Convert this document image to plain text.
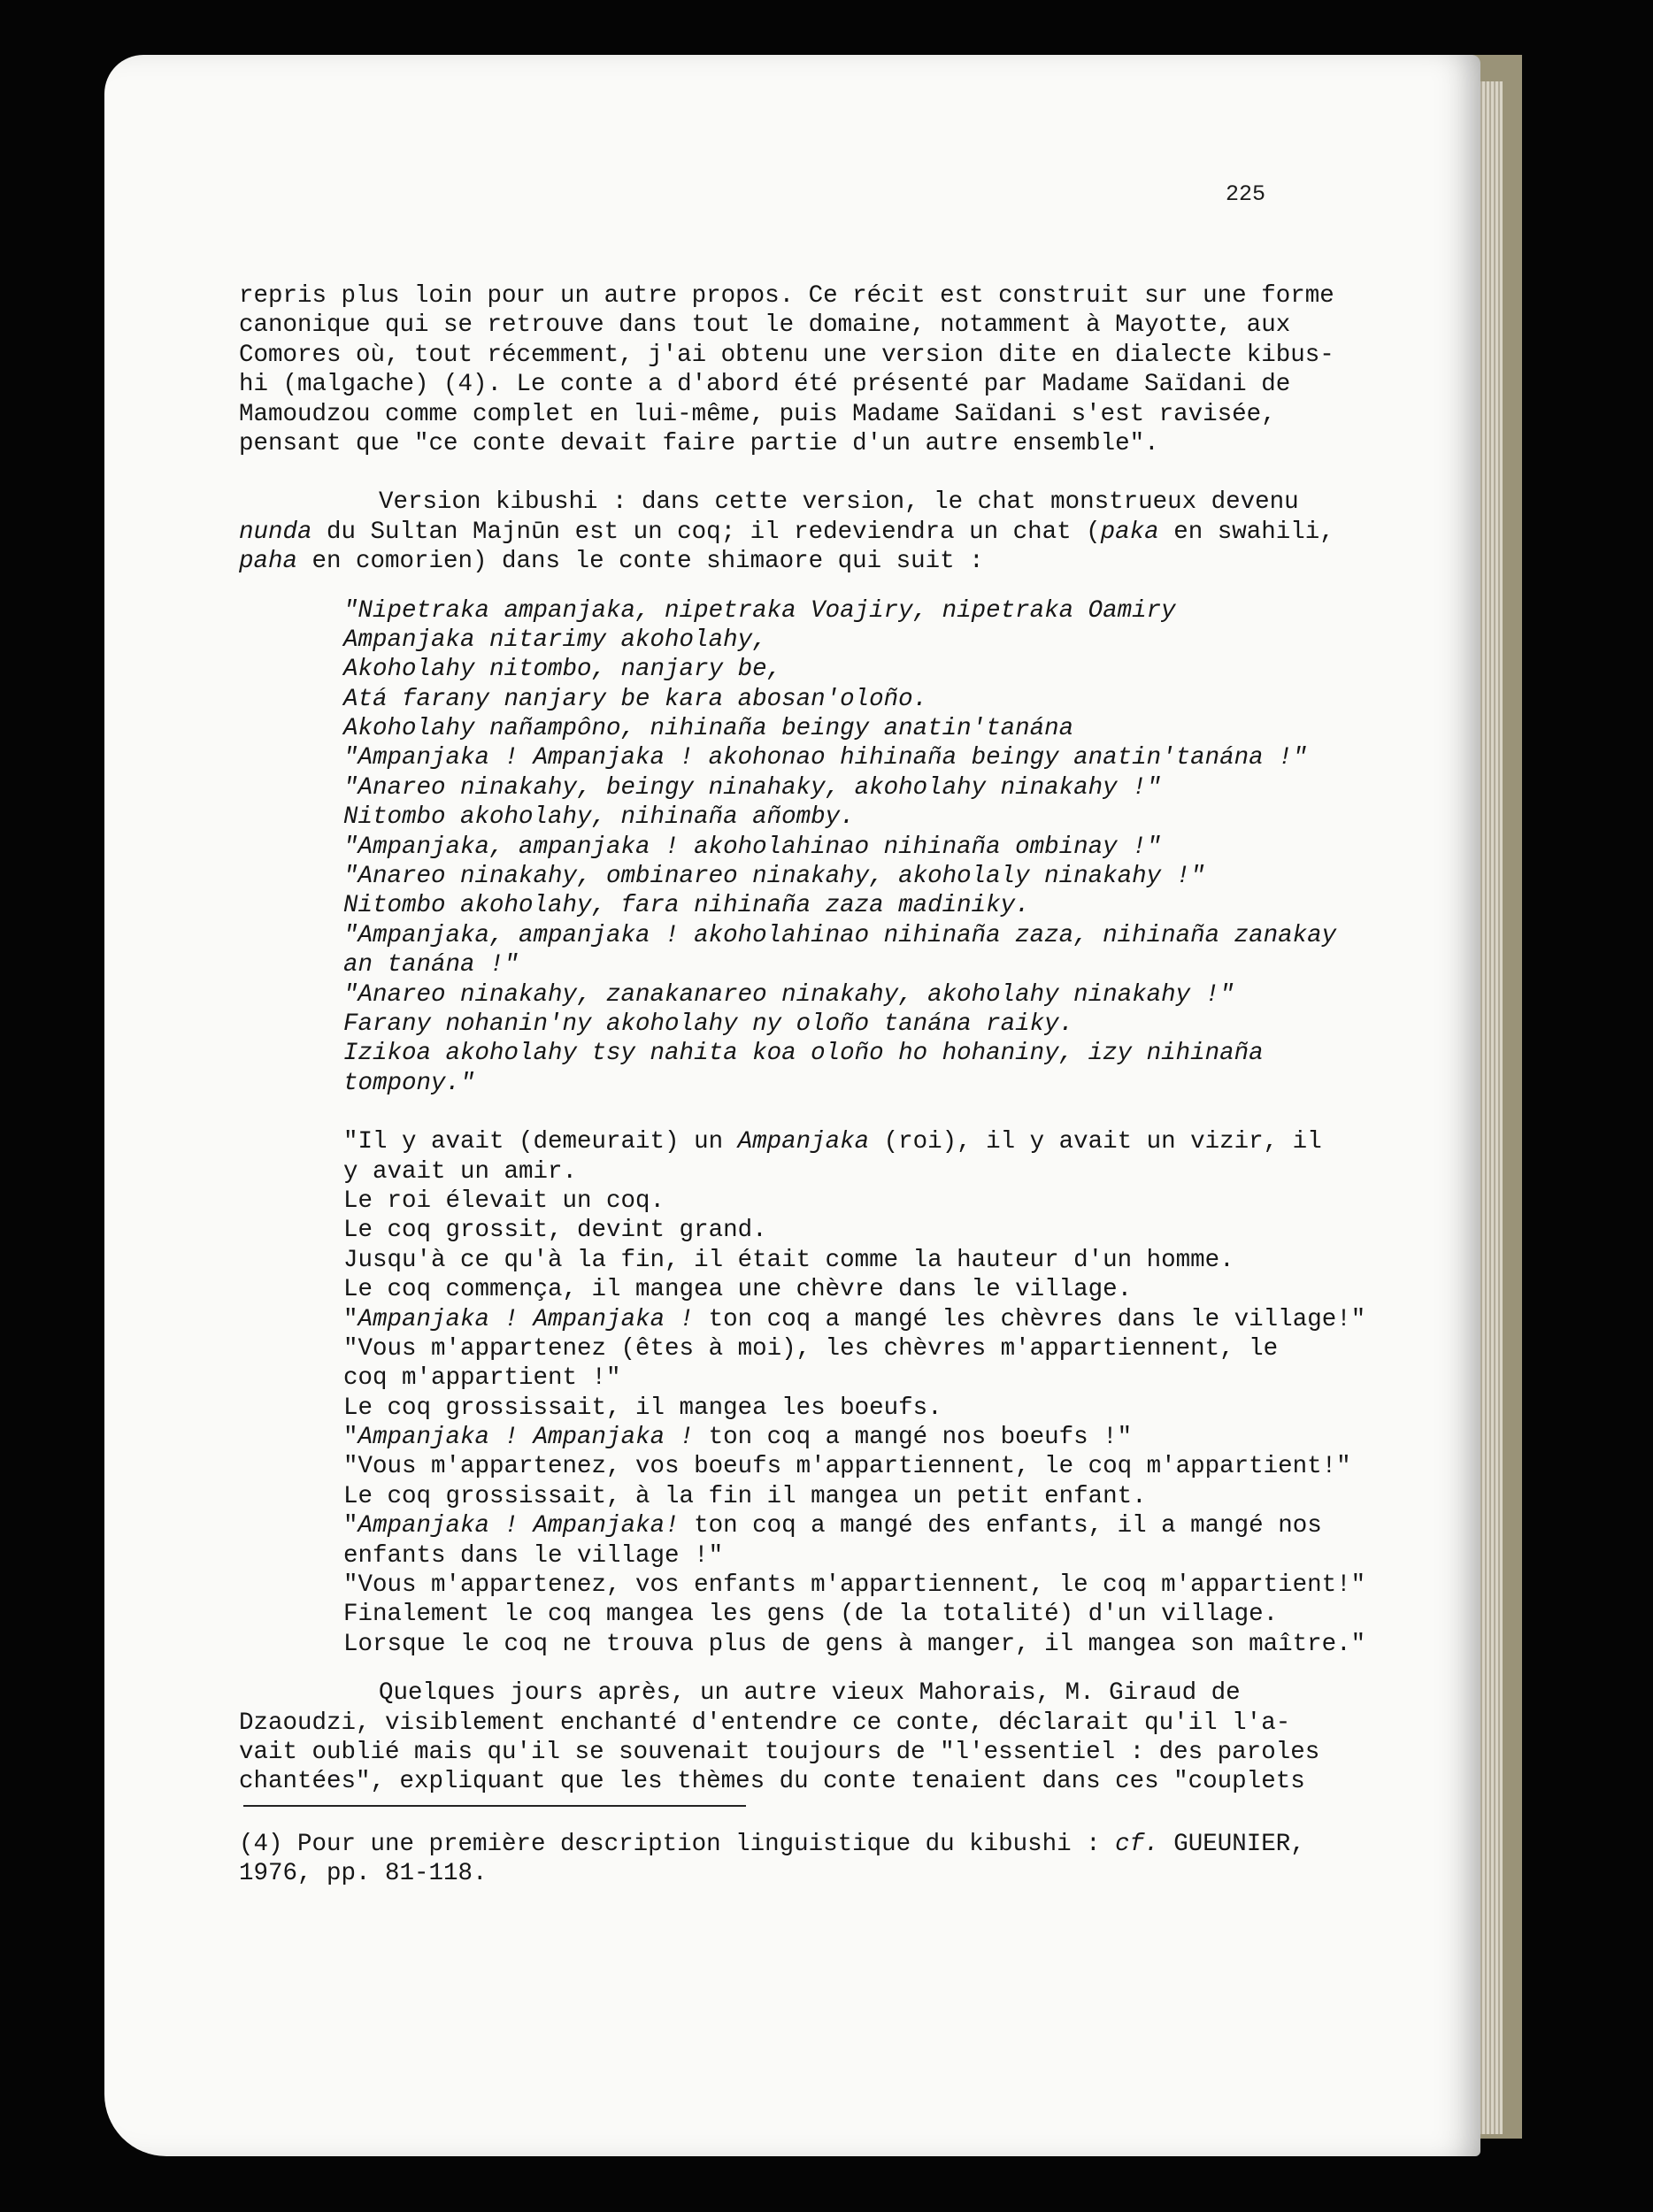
225
repris plus loin pour un autre propos. Ce récit est construit sur une forme
canonique qui se retrouve dans tout le domaine, notamment à Mayotte, aux
Comores où, tout récemment, j'ai obtenu une version dite en dialecte kibus-
hi (malgache) (4). Le conte a d'abord été présenté par Madame Saïdani de
Mamoudzou comme complet en lui-même, puis Madame Saïdani s'est ravisée,
pensant que "ce conte devait faire partie d'un autre ensemble".
Version kibushi : dans cette version, le chat monstrueux devenu
nunda du Sultan Majnūn est un coq; il redeviendra un chat (paka en swahili,
paha en comorien) dans le conte shimaore qui suit :
"Nipetraka ampanjaka, nipetraka Voajiry, nipetraka Oamiry
Ampanjaka nitarimy akoholahy,
Akoholahy nitombo, nanjary be,
Atá farany nanjary be kara abosan'oloño.
Akoholahy nañampôno, nihinaña beingy anatin'tanána
"Ampanjaka ! Ampanjaka ! akohonao hihinaña beingy anatin'tanána !"
"Anareo ninakahy, beingy ninahaky, akoholahy ninakahy !"
Nitombo akoholahy, nihinaña añomby.
"Ampanjaka, ampanjaka ! akoholahinao nihinaña ombinay !"
"Anareo ninakahy, ombinareo ninakahy, akoholaly ninakahy !"
Nitombo akoholahy, fara nihinaña zaza madiniky.
"Ampanjaka, ampanjaka ! akoholahinao nihinaña zaza, nihinaña zanakay
an tanána !"
"Anareo ninakahy, zanakanareo ninakahy, akoholahy ninakahy !"
Farany nohanin'ny akoholahy ny oloño tanána raiky.
Izikoa akoholahy tsy nahita koa oloño ho hohaniny, izy nihinaña
tompony."
"Il y avait (demeurait) un Ampanjaka (roi), il y avait un vizir, il
y avait un amir.
Le roi élevait un coq.
Le coq grossit, devint grand.
Jusqu'à ce qu'à la fin, il était comme la hauteur d'un homme.
Le coq commença, il mangea une chèvre dans le village.
"Ampanjaka ! Ampanjaka ! ton coq a mangé les chèvres dans le village!"
"Vous m'appartenez (êtes à moi), les chèvres m'appartiennent, le
coq m'appartient !"
Le coq grossissait, il mangea les boeufs.
"Ampanjaka ! Ampanjaka ! ton coq a mangé nos boeufs !"
"Vous m'appartenez, vos boeufs m'appartiennent, le coq m'appartient!"
Le coq grossissait, à la fin il mangea un petit enfant.
"Ampanjaka ! Ampanjaka! ton coq a mangé des enfants, il a mangé nos
enfants dans le village !"
"Vous m'appartenez, vos enfants m'appartiennent, le coq m'appartient!"
Finalement le coq mangea les gens (de la totalité) d'un village.
Lorsque le coq ne trouva plus de gens à manger, il mangea son maître."
Quelques jours après, un autre vieux Mahorais, M. Giraud de
Dzaoudzi, visiblement enchanté d'entendre ce conte, déclarait qu'il l'a-
vait oublié mais qu'il se souvenait toujours de "l'essentiel : des paroles
chantées", expliquant que les thèmes du conte tenaient dans ces "couplets
(4) Pour une première description linguistique du kibushi : cf. GUEUNIER,
1976, pp. 81-118.
